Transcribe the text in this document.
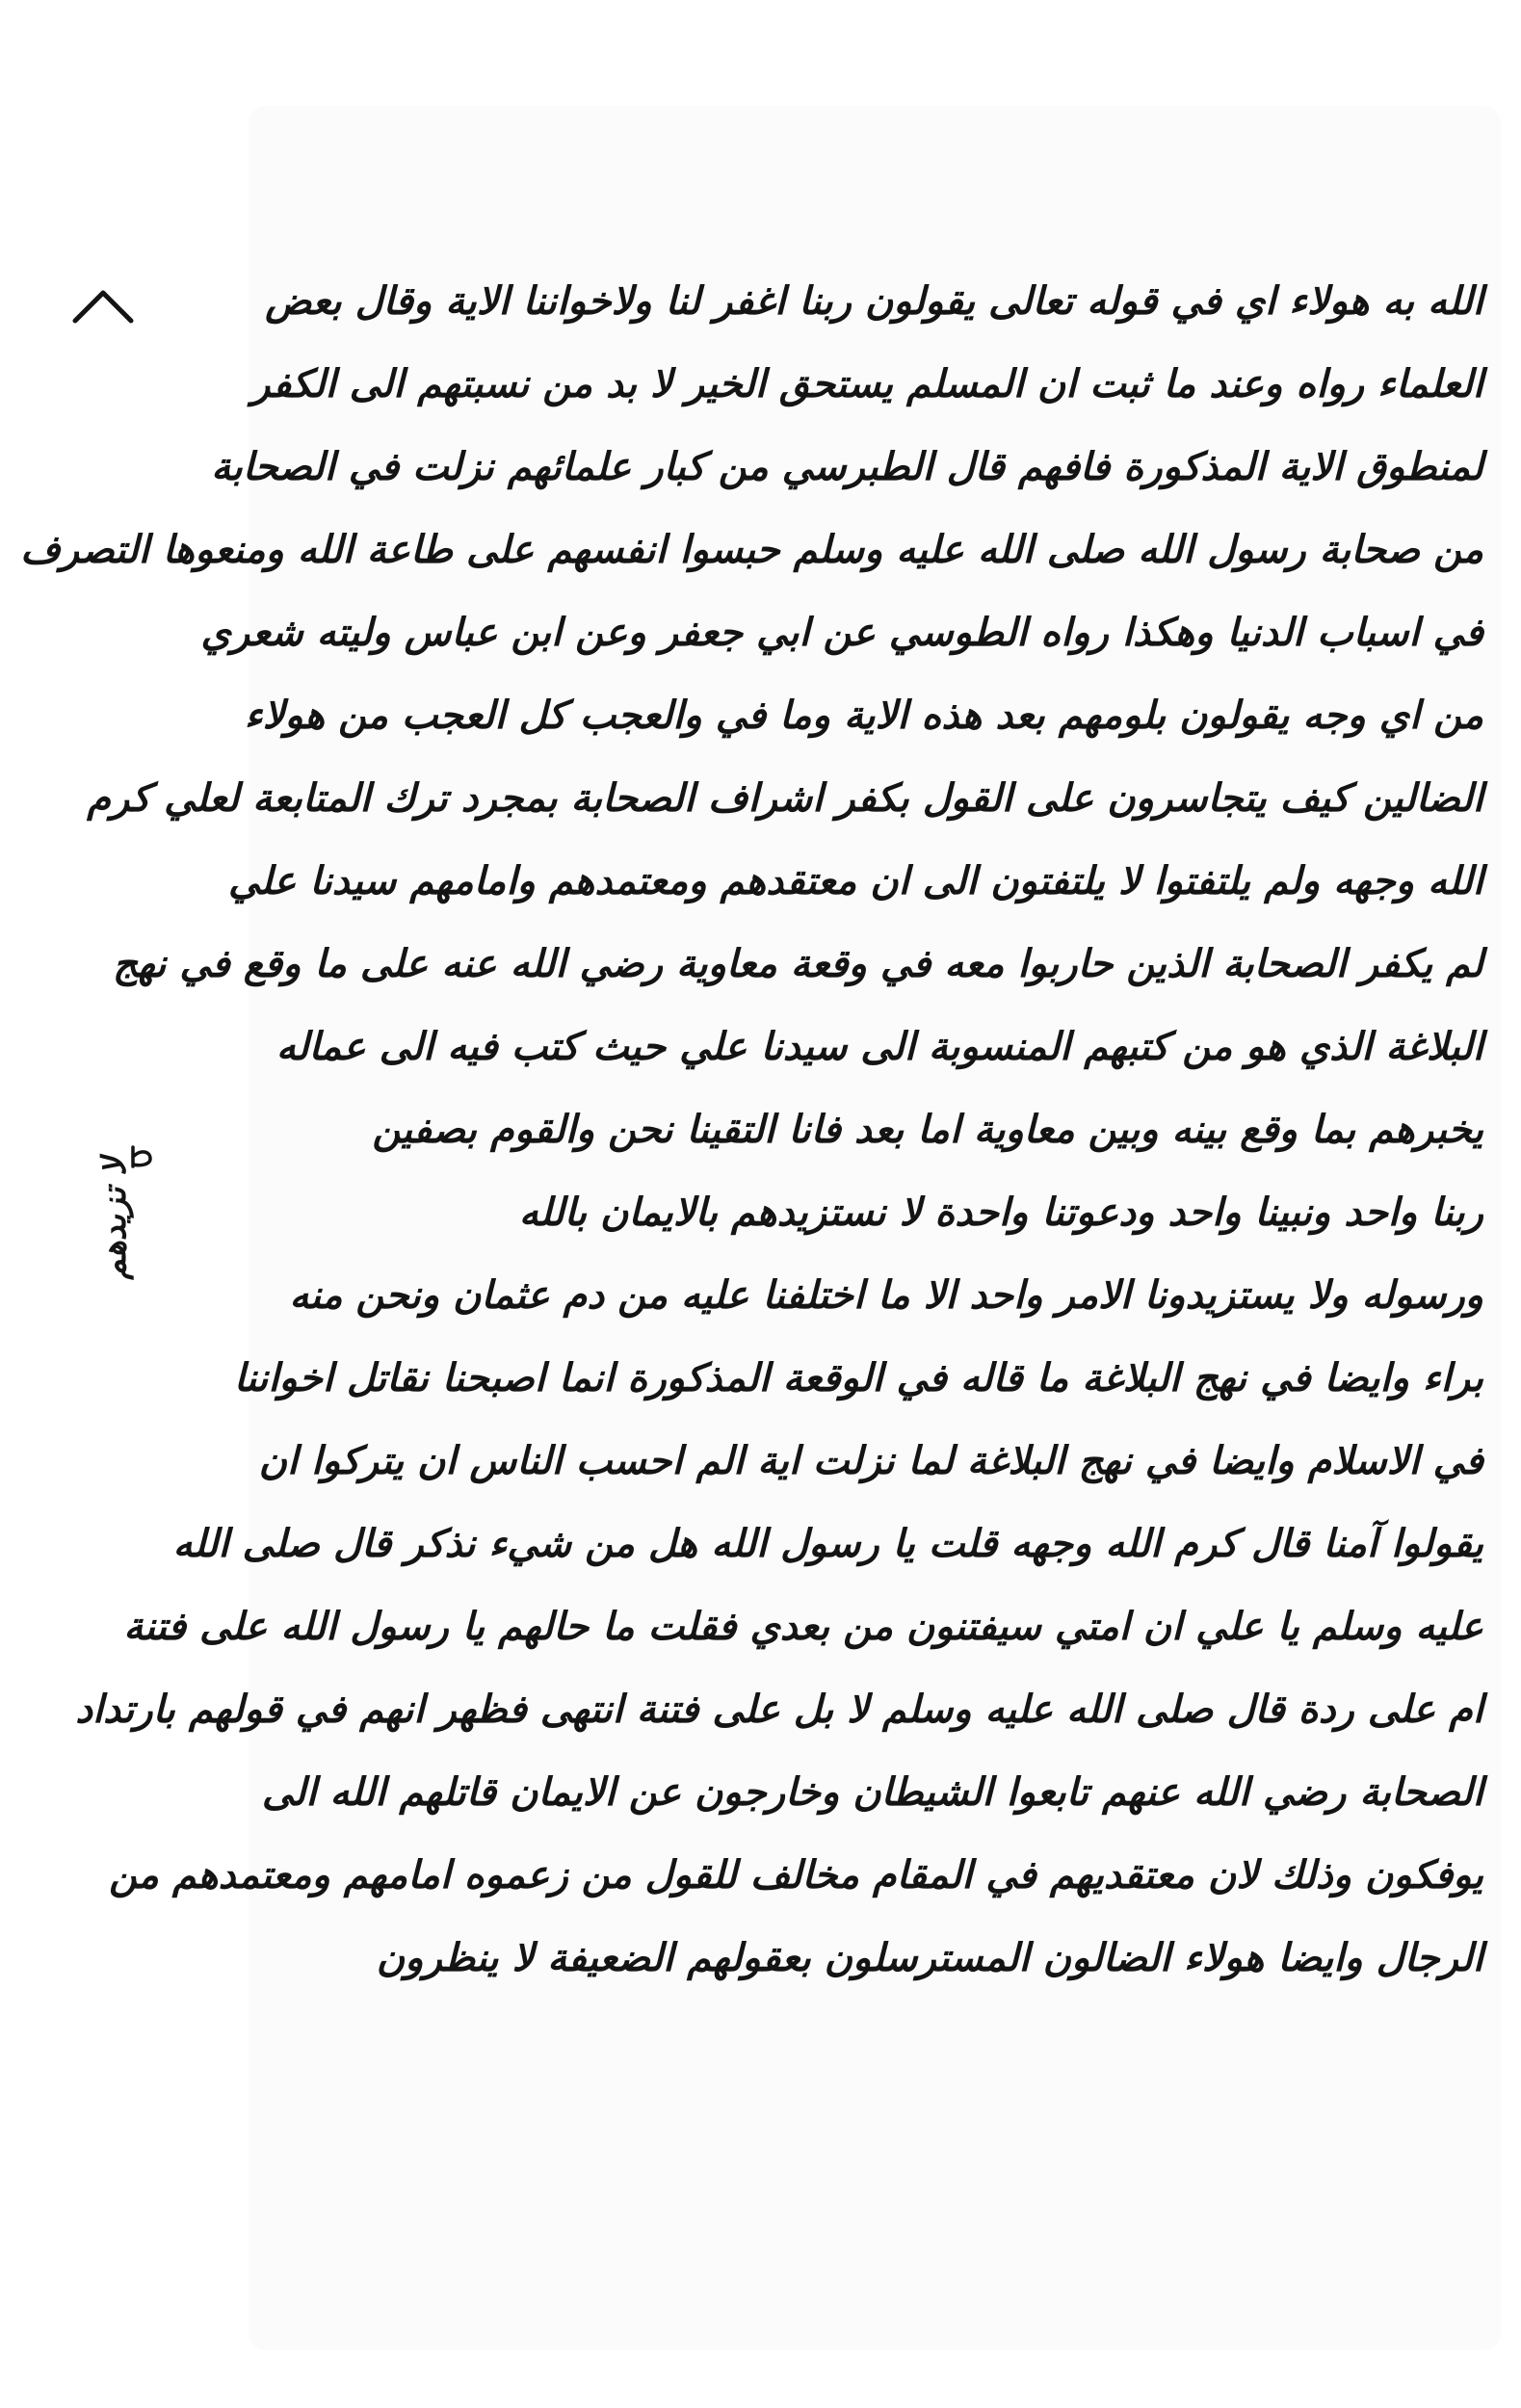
الله به هولاء اي في قوله تعالى يقولون ربنا اغفر لنا ولاخواننا الاية وقال بعض
العلماء رواه وعند ما ثبت ان المسلم يستحق الخير لا بد من نسبتهم الى الكفر
لمنطوق الاية المذكورة فافهم قال الطبرسي من كبار علمائهم نزلت في الصحابة
من صحابة رسول الله صلى الله عليه وسلم حبسوا انفسهم على طاعة الله ومنعوها التصرف
في اسباب الدنيا وهكذا رواه الطوسي عن ابي جعفر وعن ابن عباس وليته شعري
من اي وجه يقولون بلومهم بعد هذه الاية وما في والعجب كل العجب من هولاء
الضالين كيف يتجاسرون على القول بكفر اشراف الصحابة بمجرد ترك المتابعة لعلي كرم
الله وجهه ولم يلتفتوا لا يلتفتون الى ان معتقدهم ومعتمدهم وامامهم سيدنا علي
لم يكفر الصحابة الذين حاربوا معه في وقعة معاوية رضي الله عنه على ما وقع في نهج
البلاغة الذي هو من كتبهم المنسوبة الى سيدنا علي حيث كتب فيه الى عماله
يخبرهم بما وقع بينه وبين معاوية اما بعد فانا التقينا نحن والقوم بصفين
ربنا واحد ونبينا واحد ودعوتنا واحدة لا نستزيدهم بالايمان بالله
ورسوله ولا يستزيدونا الامر واحد الا ما اختلفنا عليه من دم عثمان ونحن منه
براء وايضا في نهج البلاغة ما قاله في الوقعة المذكورة انما اصبحنا نقاتل اخواننا
في الاسلام وايضا في نهج البلاغة لما نزلت اية الم احسب الناس ان يتركوا ان
يقولوا آمنا قال كرم الله وجهه قلت يا رسول الله هل من شيء نذكر قال صلى الله
عليه وسلم يا علي ان امتي سيفتنون من بعدي فقلت ما حالهم يا رسول الله على فتنة
ام على ردة قال صلى الله عليه وسلم لا بل على فتنة انتهى فظهر انهم في قولهم بارتداد
الصحابة رضي الله عنهم تابعوا الشيطان وخارجون عن الايمان قاتلهم الله الى
يوفكون وذلك لان معتقديهم في المقام مخالف للقول من زعموه امامهم ومعتمدهم من
الرجال وايضا هولاء الضالون المسترسلون بعقولهم الضعيفة لا ينظرون
لا تزيدهم
